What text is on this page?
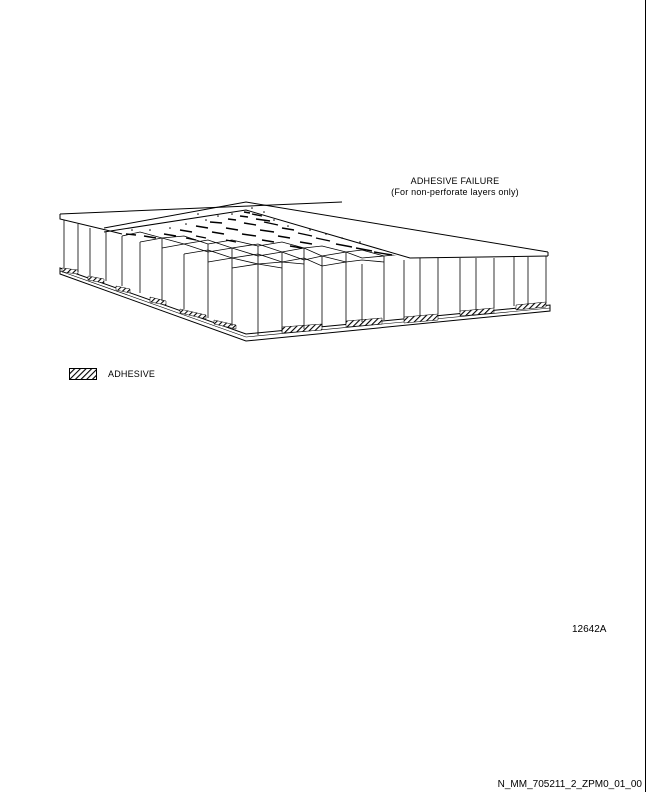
ADHESIVE FAILURE
(For non-perforate layers only)
ADHESIVE
12642A
N_MM_705211_2_ZPM0_01_00
